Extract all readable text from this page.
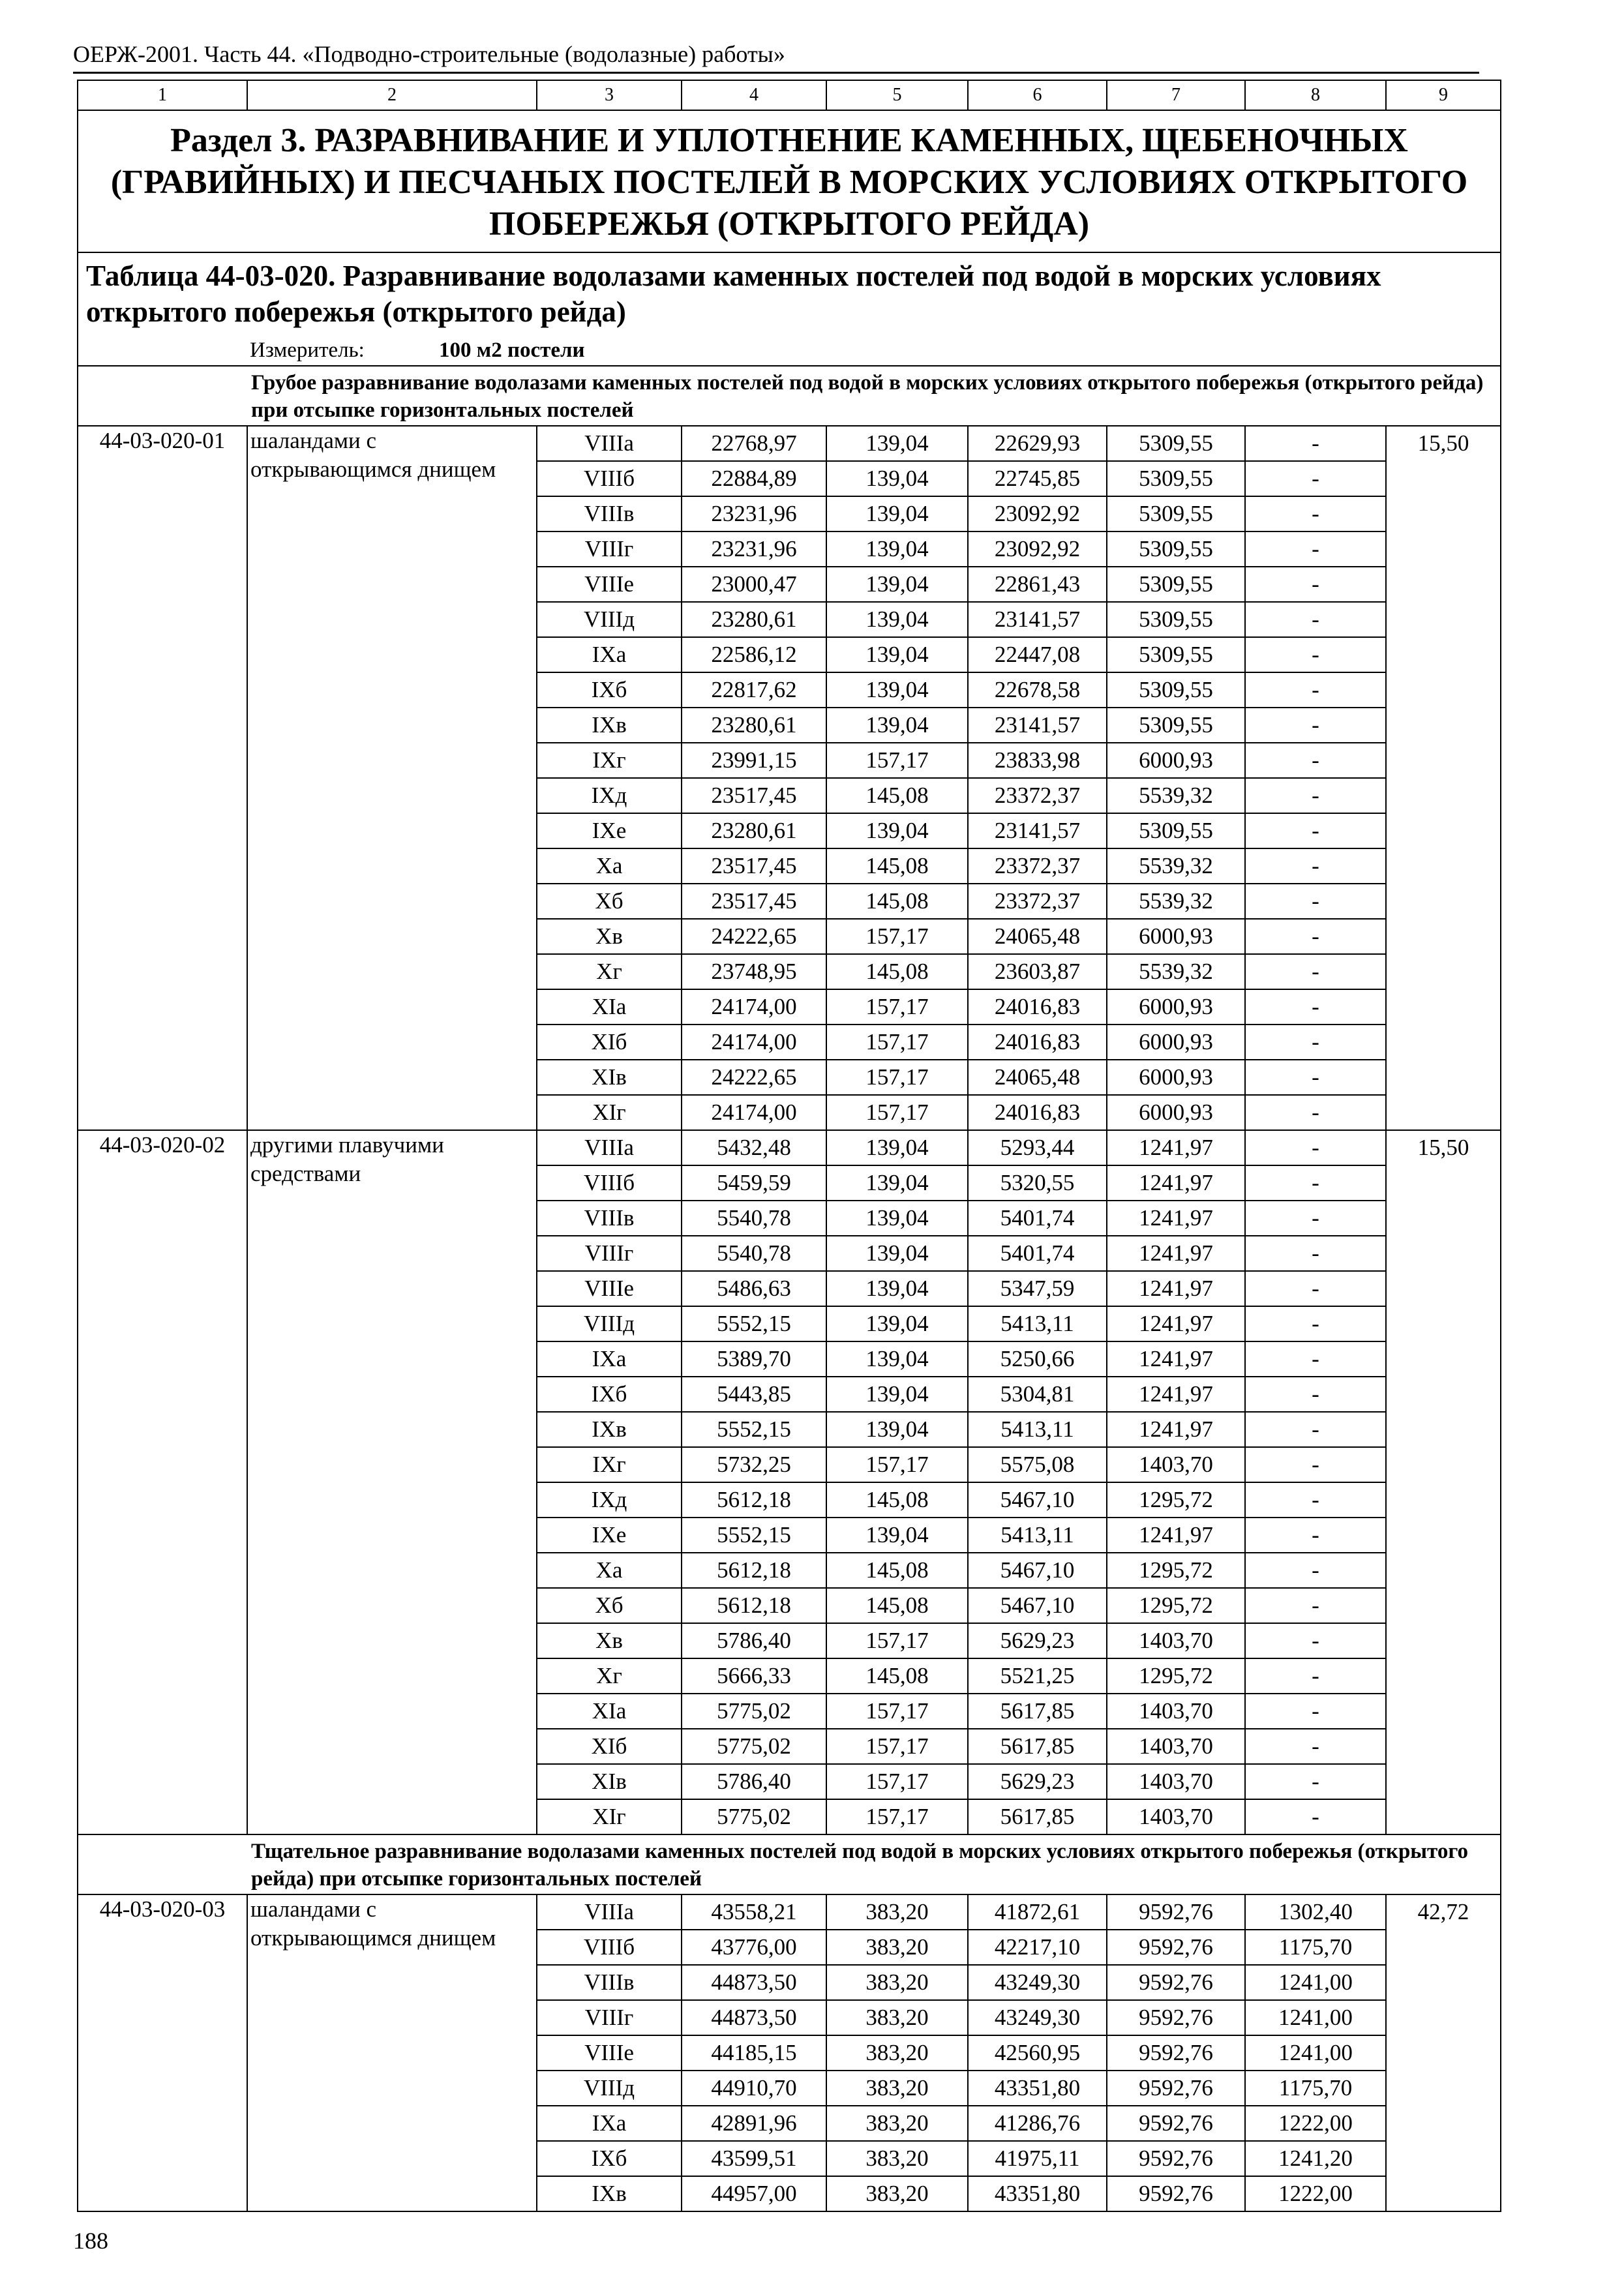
ОЕРЖ-2001. Часть 44. «Подводно-строительные (водолазные) работы»
1	2	3	4	5	6	7	8	9
Раздел 3. РАЗРАВНИВАНИЕ И УПЛОТНЕНИЕ КАМЕННЫХ, ЩЕБЕНОЧНЫХ (ГРАВИЙНЫХ) И ПЕСЧАНЫХ ПОСТЕЛЕЙ В МОРСКИХ УСЛОВИЯХ ОТКРЫТОГО ПОБЕРЕЖЬЯ (ОТКРЫТОГО РЕЙДА)								
Таблица 44-03-020. Разравнивание водолазами каменных постелей под водой в морских условиях открытого побережья (открытого рейда)								
	Измеритель: 100 м2 постели							
	Грубое разравнивание водолазами каменных постелей под водой в морских условиях открытого побережья (открытого рейда) при отсыпке горизонтальных постелей							
44-03-020-01	шаландами с открывающимся днищем	VIIIа	22768,97	139,04	22629,93	5309,55	-	15,50
		VIIIб	22884,89	139,04	22745,85	5309,55	-	
		VIIIв	23231,96	139,04	23092,92	5309,55	-	
		VIIIг	23231,96	139,04	23092,92	5309,55	-	
		VIIIе	23000,47	139,04	22861,43	5309,55	-	
		VIIIд	23280,61	139,04	23141,57	5309,55	-	
		IXа	22586,12	139,04	22447,08	5309,55	-	
		IXб	22817,62	139,04	22678,58	5309,55	-	
		IXв	23280,61	139,04	23141,57	5309,55	-	
		IXг	23991,15	157,17	23833,98	6000,93	-	
		IXд	23517,45	145,08	23372,37	5539,32	-	
		IXе	23280,61	139,04	23141,57	5309,55	-	
		Xа	23517,45	145,08	23372,37	5539,32	-	
		Xб	23517,45	145,08	23372,37	5539,32	-	
		Xв	24222,65	157,17	24065,48	6000,93	-	
		Xг	23748,95	145,08	23603,87	5539,32	-	
		XIа	24174,00	157,17	24016,83	6000,93	-	
		XIб	24174,00	157,17	24016,83	6000,93	-	
		XIв	24222,65	157,17	24065,48	6000,93	-	
		XIг	24174,00	157,17	24016,83	6000,93	-	
44-03-020-02	другими плавучими средствами	VIIIа	5432,48	139,04	5293,44	1241,97	-	15,50
		VIIIб	5459,59	139,04	5320,55	1241,97	-	
		VIIIв	5540,78	139,04	5401,74	1241,97	-	
		VIIIг	5540,78	139,04	5401,74	1241,97	-	
		VIIIе	5486,63	139,04	5347,59	1241,97	-	
		VIIIд	5552,15	139,04	5413,11	1241,97	-	
		IXа	5389,70	139,04	5250,66	1241,97	-	
		IXб	5443,85	139,04	5304,81	1241,97	-	
		IXв	5552,15	139,04	5413,11	1241,97	-	
		IXг	5732,25	157,17	5575,08	1403,70	-	
		IXд	5612,18	145,08	5467,10	1295,72	-	
		IXе	5552,15	139,04	5413,11	1241,97	-	
		Xа	5612,18	145,08	5467,10	1295,72	-	
		Xб	5612,18	145,08	5467,10	1295,72	-	
		Xв	5786,40	157,17	5629,23	1403,70	-	
		Xг	5666,33	145,08	5521,25	1295,72	-	
		XIа	5775,02	157,17	5617,85	1403,70	-	
		XIб	5775,02	157,17	5617,85	1403,70	-	
		XIв	5786,40	157,17	5629,23	1403,70	-	
		XIг	5775,02	157,17	5617,85	1403,70	-	
	Тщательное разравнивание водолазами каменных постелей под водой в морских условиях открытого побережья (открытого рейда) при отсыпке горизонтальных постелей							
44-03-020-03	шаландами с открывающимся днищем	VIIIа	43558,21	383,20	41872,61	9592,76	1302,40	42,72
		VIIIб	43776,00	383,20	42217,10	9592,76	1175,70	
		VIIIв	44873,50	383,20	43249,30	9592,76	1241,00	
		VIIIг	44873,50	383,20	43249,30	9592,76	1241,00	
		VIIIе	44185,15	383,20	42560,95	9592,76	1241,00	
		VIIIд	44910,70	383,20	43351,80	9592,76	1175,70	
		IXа	42891,96	383,20	41286,76	9592,76	1222,00	
		IXб	43599,51	383,20	41975,11	9592,76	1241,20	
		IXв	44957,00	383,20	43351,80	9592,76	1222,00	
188
